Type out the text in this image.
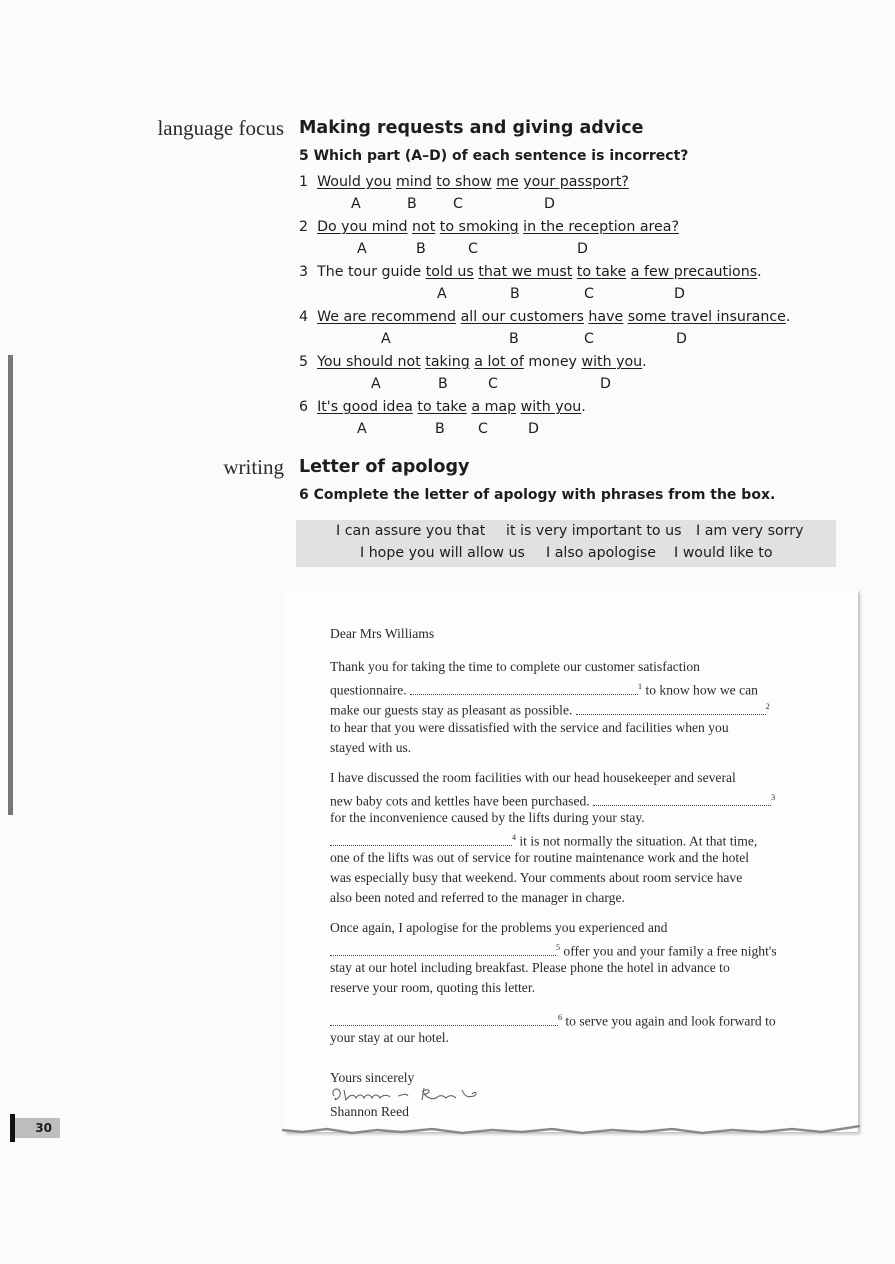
language focus Making requests and giving advice
5 Which part (A–D) of each sentence is incorrect?
1 Would you mind to show me your passport?
A	B	C	D
2 Do you mind not to smoking in the reception area?
A	B	C	D
3 The tour guide told us that we must to take a few precautions.
A	B	C	D
4 We are recommend all our customers have some travel insurance.
A	B	C	D
5 You should not taking a lot of money with you.
A	B	C	D
6 It's good idea to take a map with you.
A	B C	D
writing Letter of apology
6 Complete the letter of apology with phrases from the box.
I can assure you that it is very important to us I am very sorry
I hope you will allow us I also apologise I would like to

Dear Mrs Williams

Thank you for taking the time to complete our customer satisfaction

questionnaire.	$^1$ to know how we can

make our guests stay as pleasant as possible.	$^2$

to hear that you were dissatisfied with the service and facilities when you

stayed with us.

I have discussed the room facilities with our head housekeeper and several

new baby cots and kettles have been purchased.	$^3$

for the inconvenience caused by the lifts during your stay.

$^4$ it is not normally the situation. At that time,

one of the lifts was out of service for routine maintenance work and the hotel

was especially busy that weekend. Your comments about room service have

also been noted and referred to the manager in charge.

Once again, I apologise for the problems you experienced and

$^5$ offer you and your family a free night's

stay at our hotel including breakfast. Please phone the hotel in advance to

reserve your room, quoting this letter.

$^6$ to serve you again and look forward to

your stay at our hotel.

Yours sincerely

Shannon Reed

30
